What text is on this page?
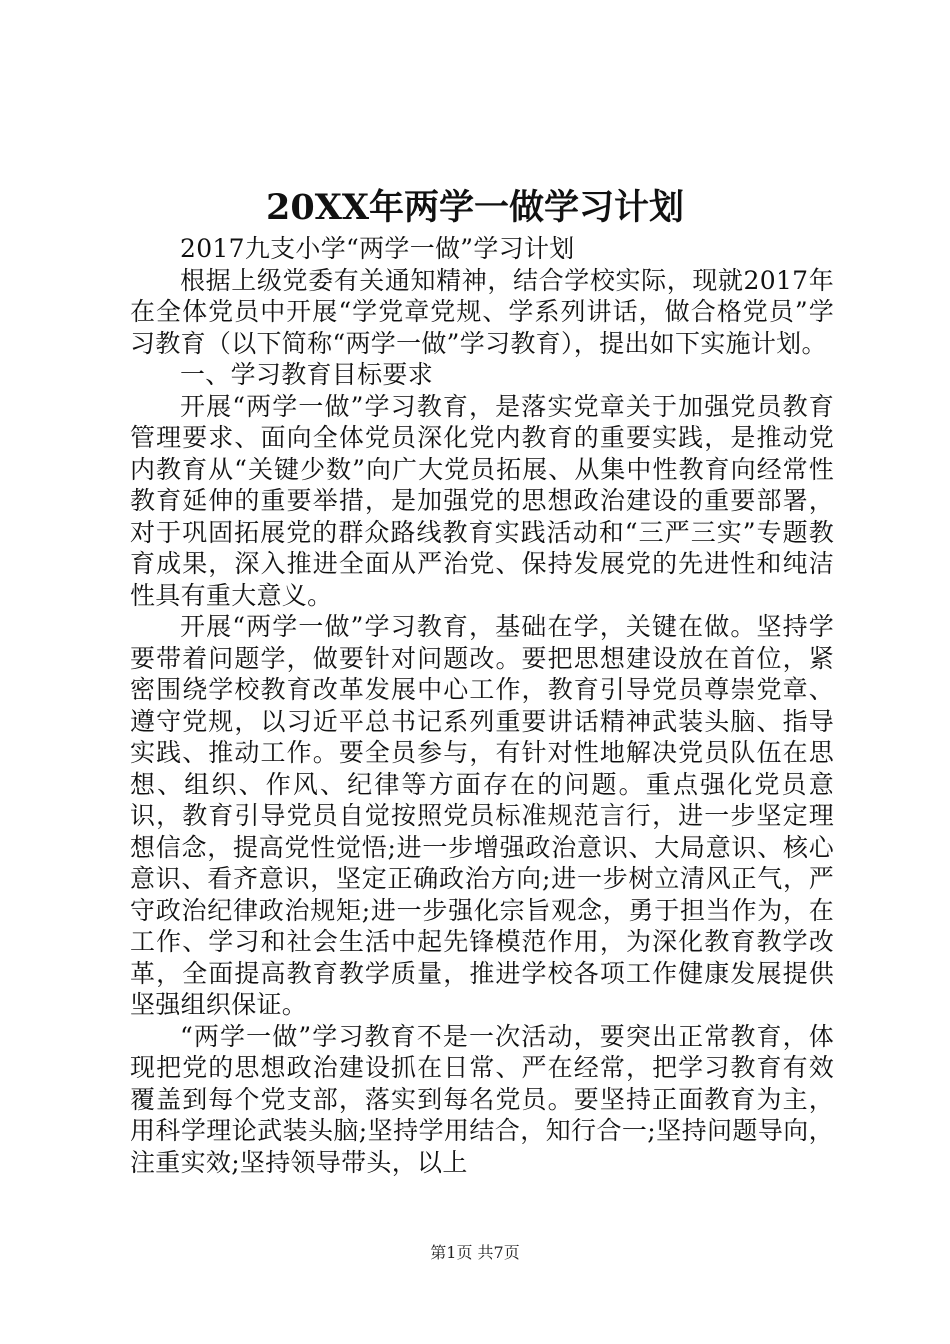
20XX年两学一做学习计划

2017九支小学“两学一做”学习计划

根据上级党委有关通知精神，结合学校实际，现就2017年在全体党员中开展“学党章党规、学系列讲话，做合格党员”学习教育（以下简称“两学一做”学习教育），提出如下实施计划。

一、学习教育目标要求

开展“两学一做”学习教育，是落实党章关于加强党员教育管理要求、面向全体党员深化党内教育的重要实践，是推动党内教育从“关键少数”向广大党员拓展、从集中性教育向经常性教育延伸的重要举措，是加强党的思想政治建设的重要部署，对于巩固拓展党的群众路线教育实践活动和“三严三实”专题教育成果，深入推进全面从严治党、保持发展党的先进性和纯洁性具有重大意义。

开展“两学一做”学习教育，基础在学，关键在做。坚持学要带着问题学，做要针对问题改。要把思想建设放在首位，紧密围绕学校教育改革发展中心工作，教育引导党员尊崇党章、遵守党规，以习近平总书记系列重要讲话精神武装头脑、指导实践、推动工作。要全员参与，有针对性地解决党员队伍在思想、组织、作风、纪律等方面存在的问题。重点强化党员意识，教育引导党员自觉按照党员标准规范言行，进一步坚定理想信念，提高党性觉悟;进一步增强政治意识、大局意识、核心意识、看齐意识，坚定正确政治方向;进一步树立清风正气，严守政治纪律政治规矩;进一步强化宗旨观念，勇于担当作为，在工作、学习和社会生活中起先锋模范作用，为深化教育教学改革，全面提高教育教学质量，推进学校各项工作健康发展提供坚强组织保证。

“两学一做”学习教育不是一次活动，要突出正常教育，体现把党的思想政治建设抓在日常、严在经常，把学习教育有效覆盖到每个党支部，落实到每名党员。要坚持正面教育为主，用科学理论武装头脑;坚持学用结合，知行合一;坚持问题导向，注重实效;坚持领导带头，以上

第1页 共7页
